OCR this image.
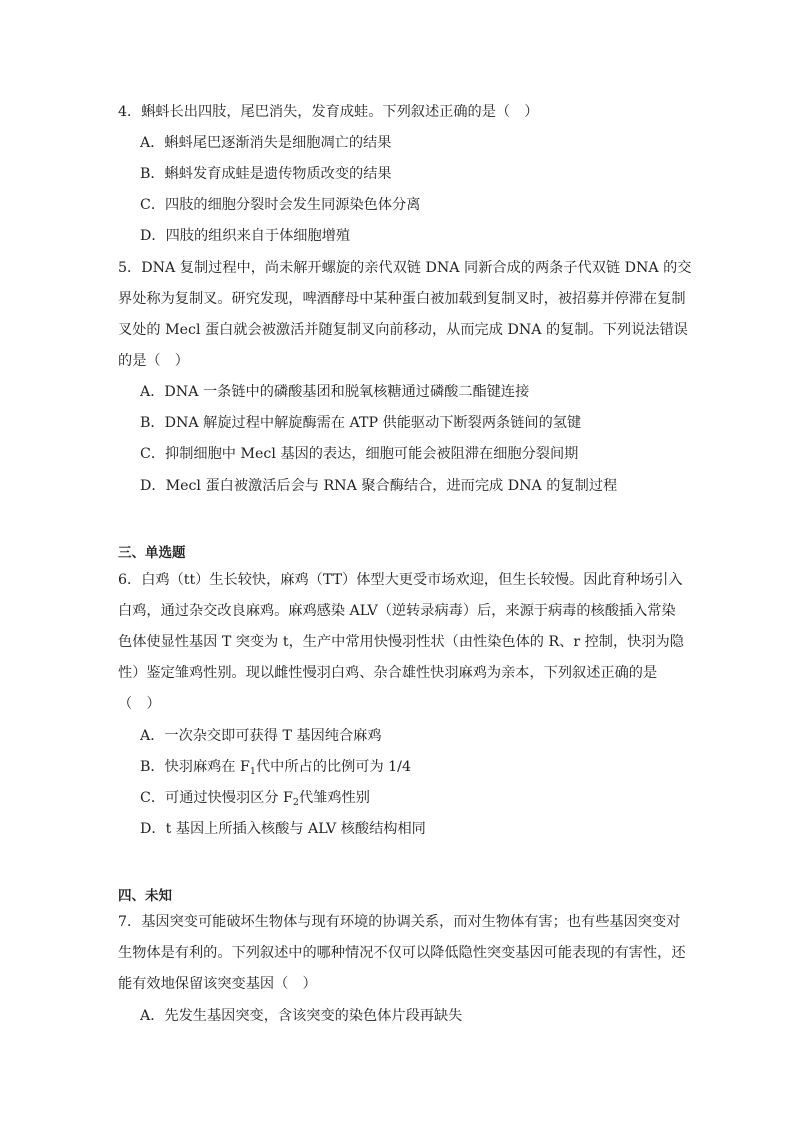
4．蝌蚪长出四肢，尾巴消失，发育成蛙。下列叙述正确的是（　）
A．蝌蚪尾巴逐渐消失是细胞凋亡的结果
B．蝌蚪发育成蛙是遗传物质改变的结果
C．四肢的细胞分裂时会发生同源染色体分离
D．四肢的组织来自于体细胞增殖
5．DNA 复制过程中，尚未解开螺旋的亲代双链 DNA 同新合成的两条子代双链 DNA 的交
界处称为复制叉。研究发现，啤酒酵母中某种蛋白被加载到复制叉时，被招募并停滞在复制
叉处的 Mecl 蛋白就会被激活并随复制叉向前移动，从而完成 DNA 的复制。下列说法错误
的是（　）
A．DNA 一条链中的磷酸基团和脱氧核糖通过磷酸二酯键连接
B．DNA 解旋过程中解旋酶需在 ATP 供能驱动下断裂两条链间的氢键
C．抑制细胞中 Mecl 基因的表达，细胞可能会被阻滞在细胞分裂间期
D．Mecl 蛋白被激活后会与 RNA 聚合酶结合，进而完成 DNA 的复制过程
三、单选题
6．白鸡（tt）生长较快，麻鸡（TT）体型大更受市场欢迎，但生长较慢。因此育种场引入
白鸡，通过杂交改良麻鸡。麻鸡感染 ALV（逆转录病毒）后，来源于病毒的核酸插入常染
色体使显性基因 T 突变为 t，生产中常用快慢羽性状（由性染色体的 R、r 控制，快羽为隐
性）鉴定雏鸡性别。现以雌性慢羽白鸡、杂合雄性快羽麻鸡为亲本，下列叙述正确的是
（　）
A．一次杂交即可获得 T 基因纯合麻鸡
B．快羽麻鸡在 $F_1$代中所占的比例可为 1/4
C．可通过快慢羽区分 $F_2$代雏鸡性别
D．t 基因上所插入核酸与 ALV 核酸结构相同
四、未知
7．基因突变可能破坏生物体与现有环境的协调关系，而对生物体有害；也有些基因突变对
生物体是有利的。下列叙述中的哪种情况不仅可以降低隐性突变基因可能表现的有害性，还
能有效地保留该突变基因（　）
A．先发生基因突变，含该突变的染色体片段再缺失
